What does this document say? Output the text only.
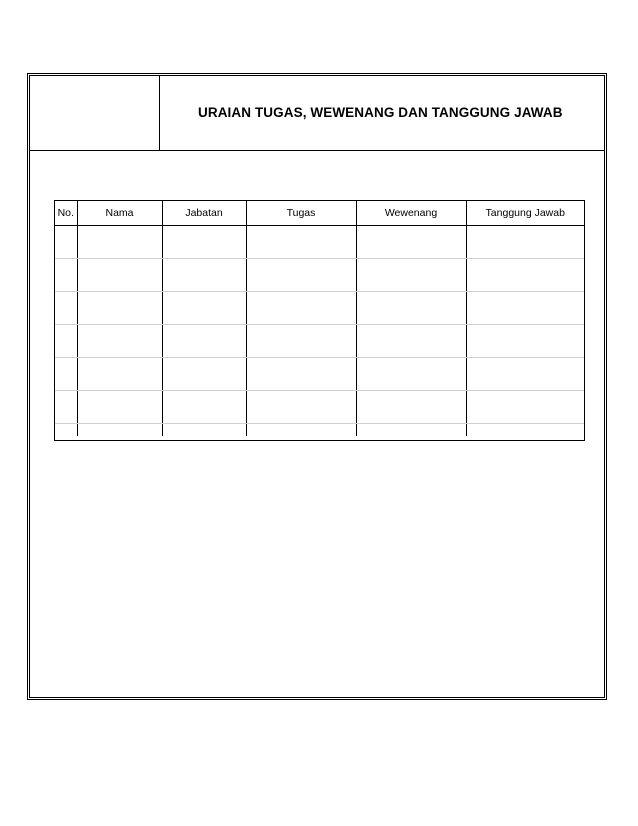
URAIAN TUGAS, WEWENANG DAN TANGGUNG JAWAB
No.	Nama	Jabatan	Tugas	Wewenang	Tanggung Jawab
